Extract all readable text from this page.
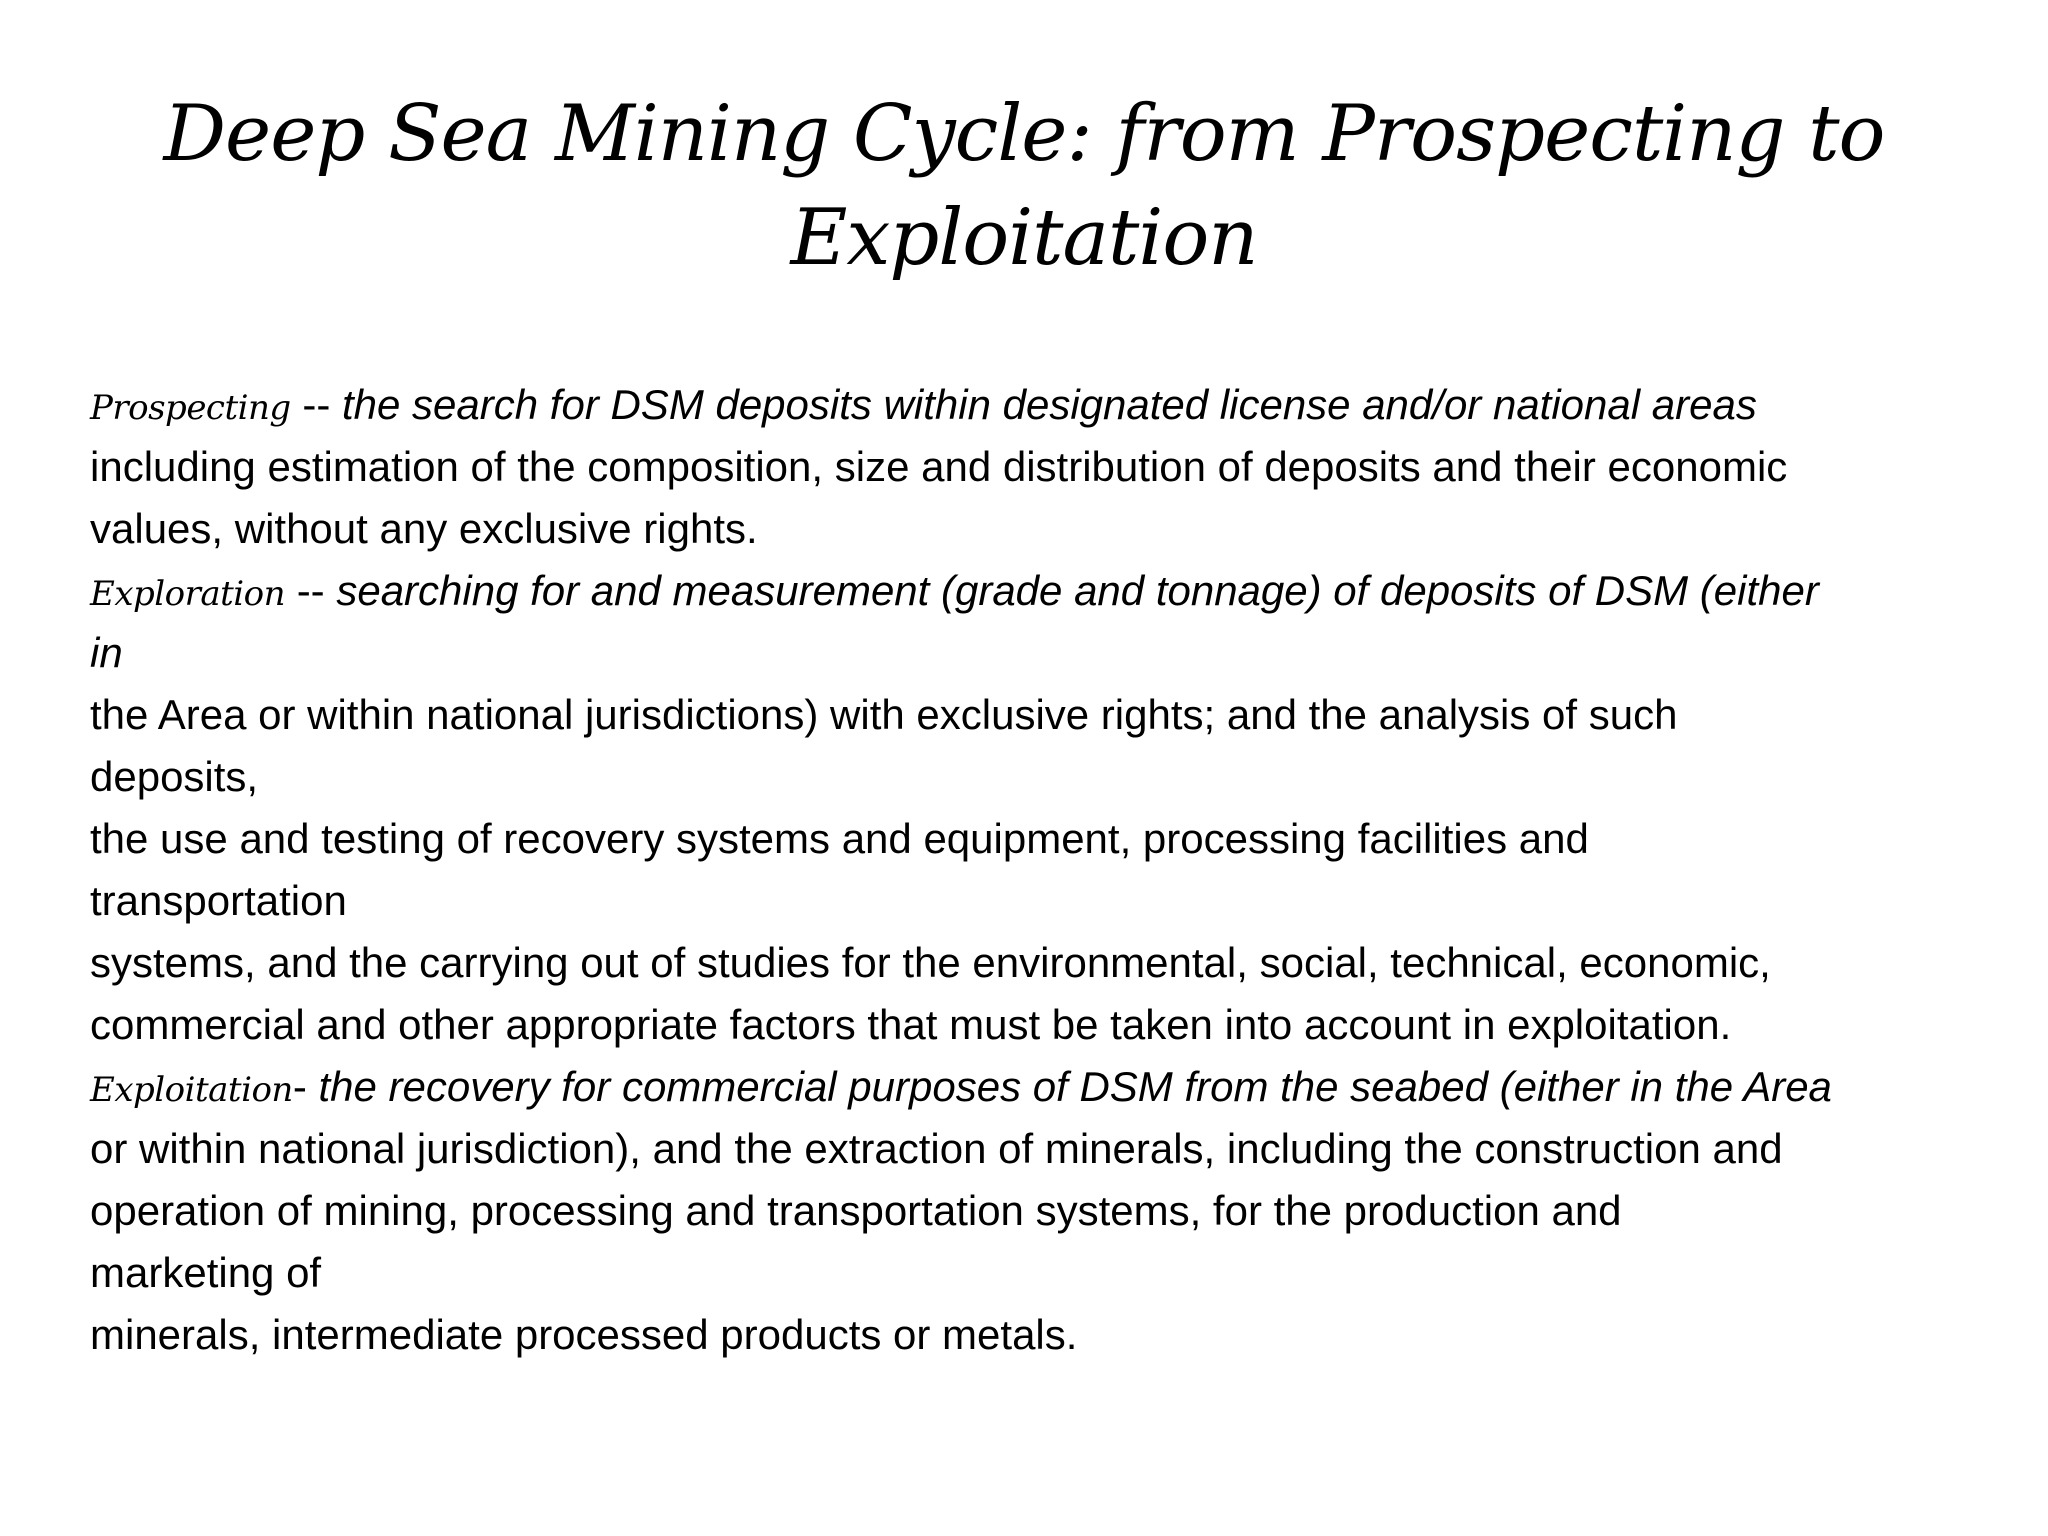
Deep Sea Mining Cycle: from Prospecting to
Exploitation
Prospecting -- the search for DSM deposits within designated license and/or national areas
including estimation of the composition, size and distribution of deposits and their economic
values, without any exclusive rights.
Exploration -- searching for and measurement (grade and tonnage) of deposits of DSM (either
in
the Area or within national jurisdictions) with exclusive rights; and the analysis of such
deposits,
the use and testing of recovery systems and equipment, processing facilities and
transportation
systems, and the carrying out of studies for the environmental, social, technical, economic,
commercial and other appropriate factors that must be taken into account in exploitation.
Exploitation- the recovery for commercial purposes of DSM from the seabed (either in the Area
or within national jurisdiction), and the extraction of minerals, including the construction and
operation of mining, processing and transportation systems, for the production and
marketing of
minerals, intermediate processed products or metals.
